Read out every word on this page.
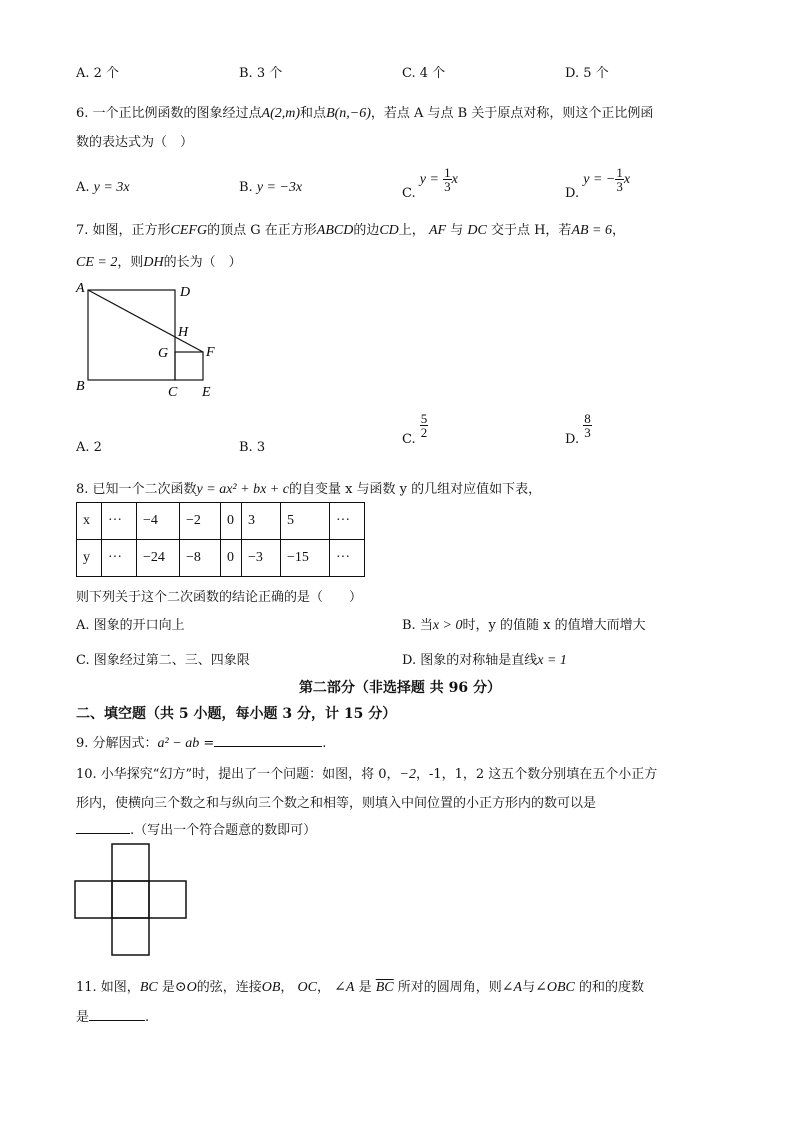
A. 2 个	B. 3 个	C. 4 个	D. 5 个
6. 一个正比例函数的图象经过点A(2,m)和点B(n,−6)，若点 A 与点 B 关于原点对称，则这个正比例函
数的表达式为（　）
A. y = 3x	B. y = −3x	C. $y = \frac{1}{3}$ x
D. y = − $\frac{1}{3}$ x
7. 如图，正方形CEFG的顶点 G 在正方形ABCD的边CD上， AF 与 DC 交于点 H，若AB = 6，
CE = 2，则DH的长为（　）
A	D
H
G	F
B	C E
A. 2	B. 3
C.
$\frac{5}{2}$
D.
$\frac{8}{3}$
8. 已知一个二次函数y = ax² + bx + c的自变量 x 与函数 y 的几组对应值如下表，
x	···	−4	−2	0	3	5	···
y	···	−24	−8	0	−3	−15	···
则下列关于这个二次函数的结论正确的是（　　）
A. 图象的开口向上	B. 当x > 0时，y 的值随 x 的值增大而增大
C. 图象经过第二、三、四象限	D. 图象的对称轴是直线x = 1
第二部分（非选择题 共 96 分）
二、填空题（共 5 小题，每小题 3 分，计 15 分）
9. 分解因式：a² − ab =	.
10. 小华探究“幻方”时，提出了一个问题：如图，将 0，−2，-1，1，2 这五个数分别填在五个小正方
形内，使横向三个数之和与纵向三个数之和相等，则填入中间位置的小正方形内的数可以是
.（写出一个符合题意的数即可）
11. 如图，BC 是⊙O的弦，连接OB， OC， ∠A 是 $\overline{BC}$ 所对的圆周角，则∠A与∠OBC 的和的度数
是	.
